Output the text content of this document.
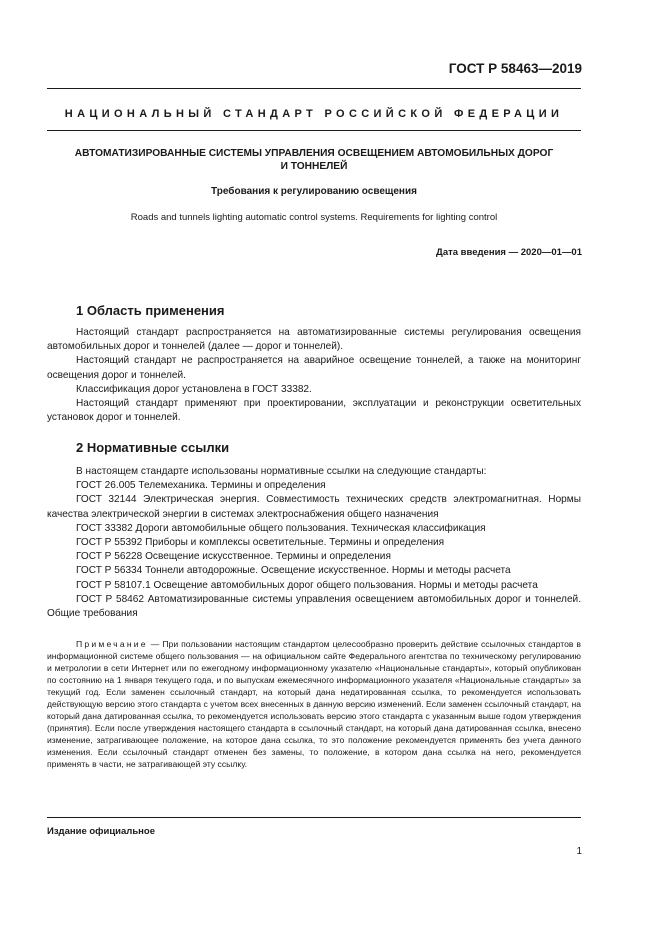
ГОСТ Р 58463—2019
НАЦИОНАЛЬНЫЙ СТАНДАРТ РОССИЙСКОЙ ФЕДЕРАЦИИ
АВТОМАТИЗИРОВАННЫЕ СИСТЕМЫ УПРАВЛЕНИЯ ОСВЕЩЕНИЕМ АВТОМОБИЛЬНЫХ ДОРОГ
И ТОННЕЛЕЙ
Требования к регулированию освещения
Roads and tunnels lighting automatic control systems. Requirements for lighting control
Дата введения — 2020—01—01
1 Область применения

Настоящий стандарт распространяется на автоматизированные системы регулирования освещения автомобильных дорог и тоннелей (далее — дорог и тоннелей).

Настоящий стандарт не распространяется на аварийное освещение тоннелей, а также на мониторинг освещения дорог и тоннелей.

Классификация дорог установлена в ГОСТ 33382.

Настоящий стандарт применяют при проектировании, эксплуатации и реконструкции осветительных установок дорог и тоннелей.

2 Нормативные ссылки

В настоящем стандарте использованы нормативные ссылки на следующие стандарты:

ГОСТ 26.005 Телемеханика. Термины и определения

ГОСТ 32144 Электрическая энергия. Совместимость технических средств электромагнитная. Нормы качества электрической энергии в системах электроснабжения общего назначения

ГОСТ 33382 Дороги автомобильные общего пользования. Техническая классификация

ГОСТ Р 55392 Приборы и комплексы осветительные. Термины и определения

ГОСТ Р 56228 Освещение искусственное. Термины и определения

ГОСТ Р 56334 Тоннели автодорожные. Освещение искусственное. Нормы и методы расчета

ГОСТ Р 58107.1 Освещение автомобильных дорог общего пользования. Нормы и методы расчета

ГОСТ Р 58462 Автоматизированные системы управления освещением автомобильных дорог и тоннелей. Общие требования

Примечание — При пользовании настоящим стандартом целесообразно проверить действие ссылочных стандартов в информационной системе общего пользования — на официальном сайте Федерального агентства по техническому регулированию и метрологии в сети Интернет или по ежегодному информационному указателю «Национальные стандарты», который опубликован по состоянию на 1 января текущего года, и по выпускам ежемесячного информационного указателя «Национальные стандарты» за текущий год. Если заменен ссылочный стандарт, на который дана недатированная ссылка, то рекомендуется использовать действующую версию этого стандарта с учетом всех внесенных в данную версию изменений. Если заменен ссылочный стандарт, на который дана датированная ссылка, то рекомендуется использовать версию этого стандарта с указанным выше годом утверждения (принятия). Если после утверждения настоящего стандарта в ссылочный стандарт, на который дана датированная ссылка, внесено изменение, затрагивающее положение, на которое дана ссылка, то это положение рекомендуется применять без учета данного изменения. Если ссылочный стандарт отменен без замены, то положение, в котором дана ссылка на него, рекомендуется применять в части, не затрагивающей эту ссылку.

Издание официальное
1
